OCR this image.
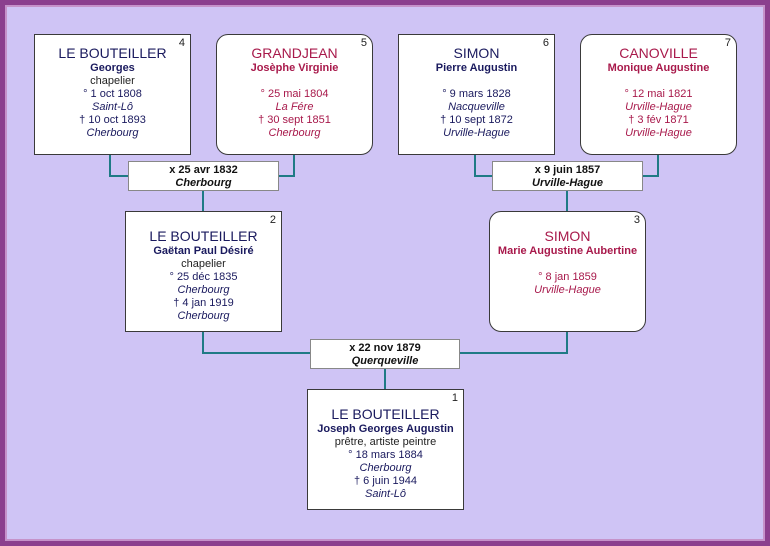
4
LE BOUTEILLER
Georges
chapelier
° 1 oct 1808
Saint-Lô
† 10 oct 1893
Cherbourg
5
GRANDJEAN
Josèphe Virginie
° 25 mai 1804
La Fére
† 30 sept 1851
Cherbourg
6
SIMON
Pierre Augustin
° 9 mars 1828
Nacqueville
† 10 sept 1872
Urville-Hague
7
CANOVILLE
Monique Augustine
° 12 mai 1821
Urville-Hague
† 3 fév 1871
Urville-Hague
x 25 avr 1832
Cherbourg
x 9 juin 1857
Urville-Hague
2
LE BOUTEILLER
Gaëtan Paul Désiré
chapelier
° 25 déc 1835
Cherbourg
† 4 jan 1919
Cherbourg
3
SIMON
Marie Augustine Aubertine
° 8 jan 1859
Urville-Hague
x 22 nov 1879
Querqueville
1
LE BOUTEILLER
Joseph Georges Augustin
prêtre, artiste peintre
° 18 mars 1884
Cherbourg
† 6 juin 1944
Saint-Lô
